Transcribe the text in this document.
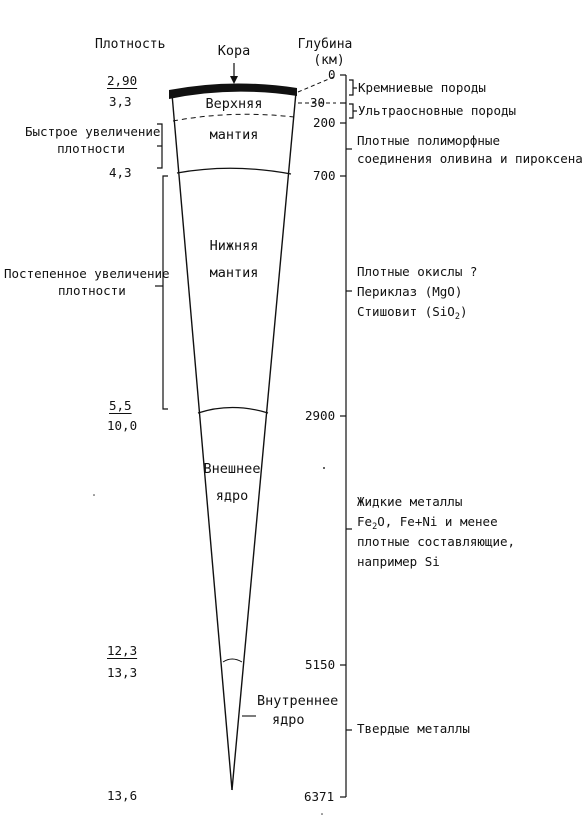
Плотность	Глубина
(км)
Кора
Верхняя
мантия
Нижняя
мантия
Внешнее
ядро
Внутреннее
ядро
2,90
3,3
4,3
5,5
10,0
12,3
13,3
13,6
Быстрое увеличение
плотности
Постепенное увеличение
плотности
0
30
200
700
2900
5150
6371
Кремниевые породы
Ультраосновные породы
Плотные полиморфные
соединения оливина и пироксена
Плотные окислы ?
Периклаз (MgO)
Стишовит (SiO$_2$)
Жидкие металлы
$Fe_2O$, Fe+Ni и менее
плотные составляющие,
например Si
Твердые металлы
